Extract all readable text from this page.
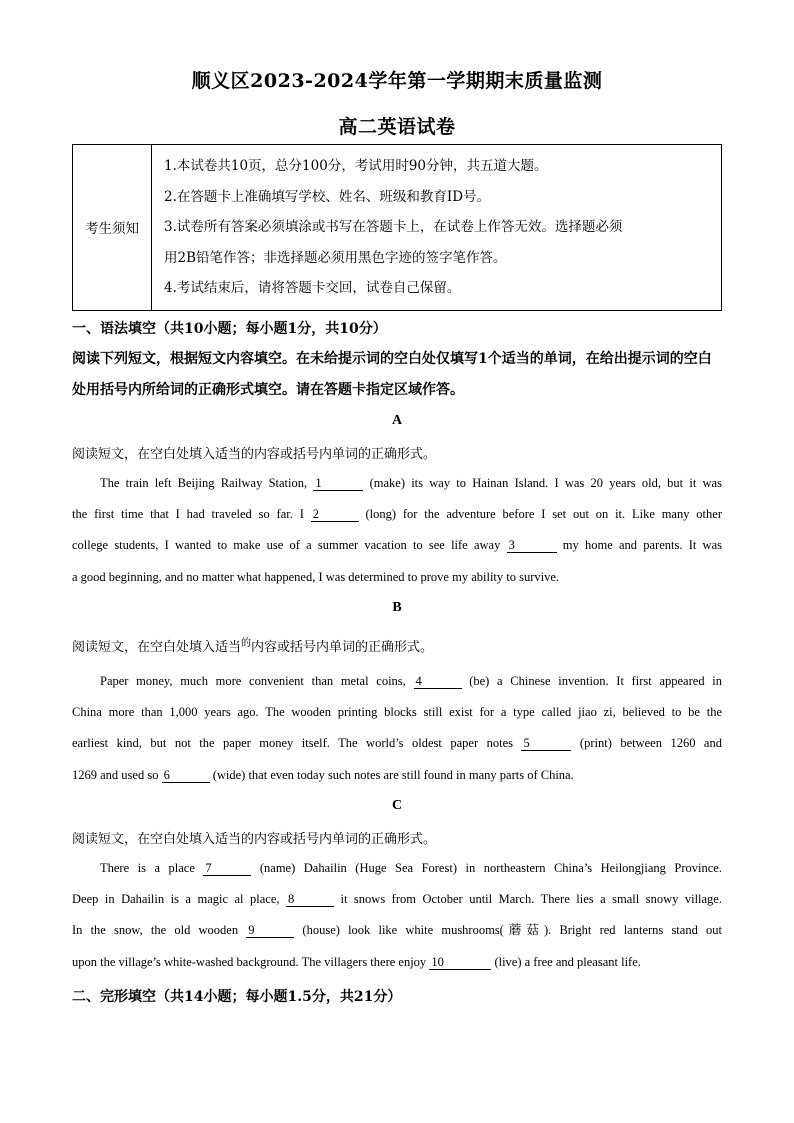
顺义区2023-2024学年第一学期期末质量监测
高二英语试卷
考生须知	
1.本试卷共10页，总分100分，考试用时90分钟，共五道大题。
2.在答题卡上准确填写学校、姓名、班级和教育ID号。
3.试卷所有答案必须填涂或书写在答题卡上，在试卷上作答无效。选择题必须
用2B铅笔作答；非选择题必须用黑色字迹的签字笔作答。
4.考试结束后，请将答题卡交回，试卷自己保留。
一、语法填空（共10小题；每小题1分，共10分）
阅读下列短文，根据短文内容填空。在未给提示词的空白处仅填写1个适当的单词，在给出提示词的空白处用括号内所给词的正确形式填空。请在答题卡指定区域作答。
A
阅读短文，在空白处填入适当的内容或括号内单词的正确形式。
The train left Beijing Railway Station, 1	(make) its way to Hainan Island. I was 20 years old, but it was
the first time that I had traveled so far. I 2	(long) for the adventure before I set out on it. Like many other
college students, I wanted to make use of a summer vacation to see life away 3	my home and parents. It was
a good beginning, and no matter what happened, I was determined to prove my ability to survive.
B
阅读短文，在空白处填入适当$^的$内容或括号内单词的正确形式。
Paper money, much more convenient than metal coins, 4	(be) a Chinese invention. It first appeared in
China more than 1,000 years ago. The wooden printing blocks still exist for a type called jiao zi, believed to be the
earliest kind, but not the paper money itself. The world’s oldest paper notes 5	(print) between 1260 and
1269 and used so 6	(wide) that even today such notes are still found in many parts of China.
C
阅读短文，在空白处填入适当的内容或括号内单词的正确形式。
There is a place 7	(name) Dahailin (Huge Sea Forest) in northeastern China’s Heilongjiang Province.
Deep in Dahailin is a magic al place, 8	it snows from October until March. There lies a small snowy village.
In the snow, the old wooden 9	(house) look like white mushrooms(蘑菇). Bright red lanterns stand out
upon the village’s white-washed background. The villagers there enjoy 10	(live) a free and pleasant life.
二、完形填空（共14小题；每小题1.5分，共21分）
